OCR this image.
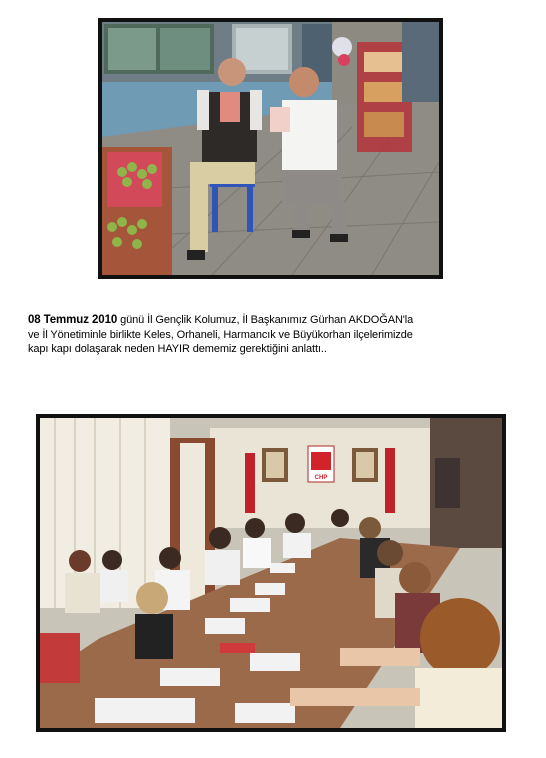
08 Temmuz 2010 günü İl Gençlik Kolumuz, İl Başkanımız Gürhan AKDOĞAN'la
ve İl Yönetiminle birlikte Keles, Orhaneli, Harmancık ve Büyükorhan ilçelerimizde
kapı kapı dolaşarak neden HAYIR dememiz gerektiğini anlattı..
CHP
